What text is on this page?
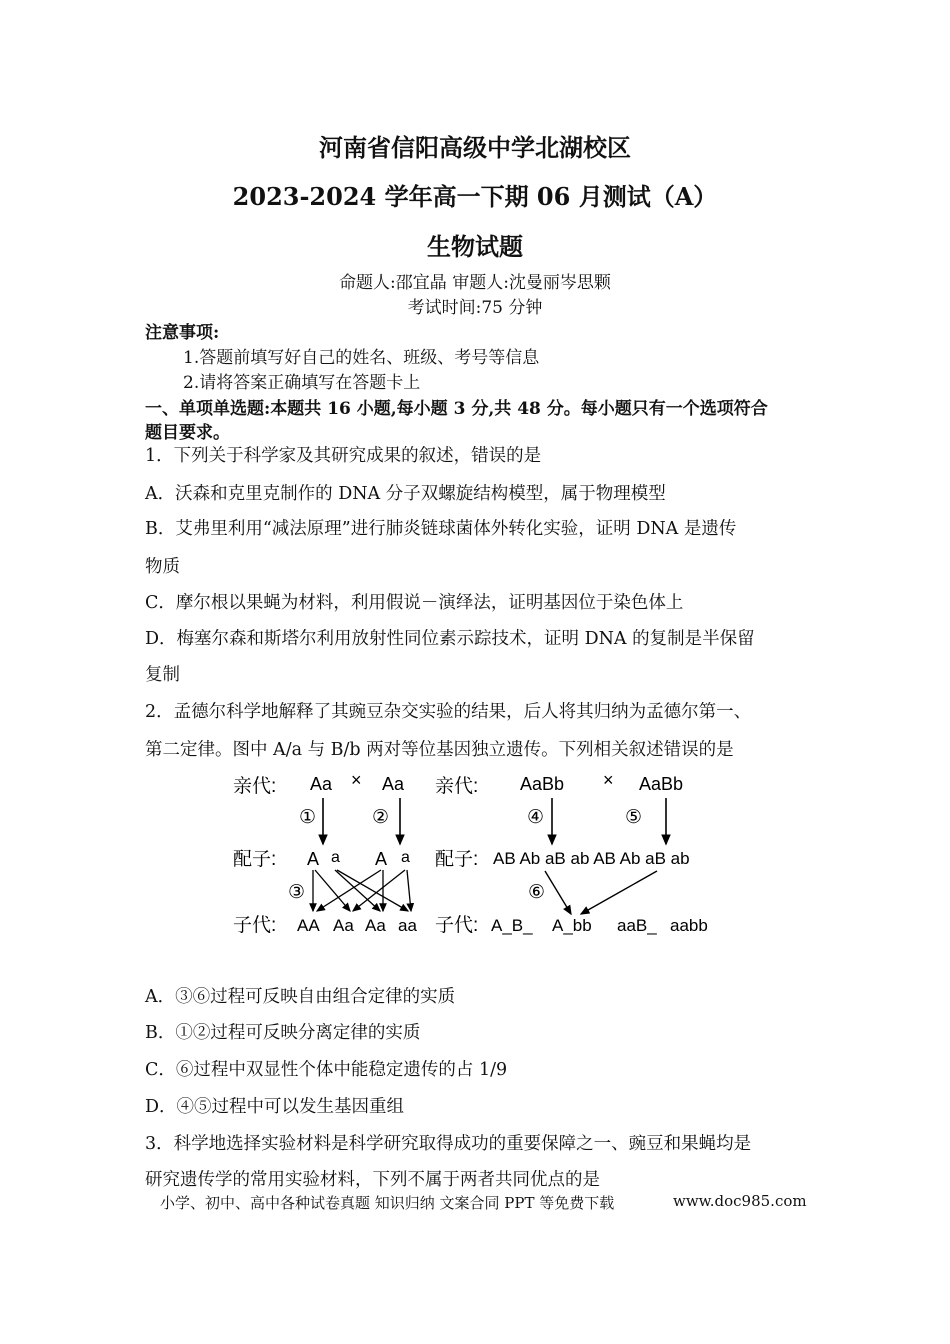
河南省信阳高级中学北湖校区
2023-2024 学年高一下期 06 月测试（A）
生物试题
命题人:邵宜晶 审题人:沈曼丽岑思颗
考试时间:75 分钟
注意事项:
1.答题前填写好自己的姓名、班级、考号等信息
2.请将答案正确填写在答题卡上
一、单项单选题:本题共 16 小题,每小题 3 分,共 48 分。每小题只有一个选项符合
题目要求。
1．下列关于科学家及其研究成果的叙述，错误的是
A．沃森和克里克制作的 DNA 分子双螺旋结构模型，属于物理模型
B．艾弗里利用“减法原理”进行肺炎链球菌体外转化实验，证明 DNA 是遗传
物质
C．摩尔根以果蝇为材料，利用假说－演绎法，证明基因位于染色体上
D．梅塞尔森和斯塔尔利用放射性同位素示踪技术，证明 DNA 的复制是半保留
复制
2．孟德尔科学地解释了其豌豆杂交实验的结果，后人将其归纳为孟德尔第一、
第二定律。图中 A/a 与 B/b 两对等位基因独立遗传。下列相关叙述错误的是
亲代:
配子:
子代:
Aa × Aa
①	②
A a A a
③
AA Aa Aa aa
亲代: AaBb × AaBb
④	⑤
配子: AB Ab aB ab AB Ab aB ab
⑥
子代: A_B_ A_bb aaB_ aabb
A．③⑥过程可反映自由组合定律的实质
B．①②过程可反映分离定律的实质
C．⑥过程中双显性个体中能稳定遗传的占 1/9
D．④⑤过程中可以发生基因重组
3．科学地选择实验材料是科学研究取得成功的重要保障之一、豌豆和果蝇均是
研究遗传学的常用实验材料，下列不属于两者共同优点的是
小学、初中、高中各种试卷真题 知识归纳 文案合同 PPT 等免费下载	www.doc985.com
